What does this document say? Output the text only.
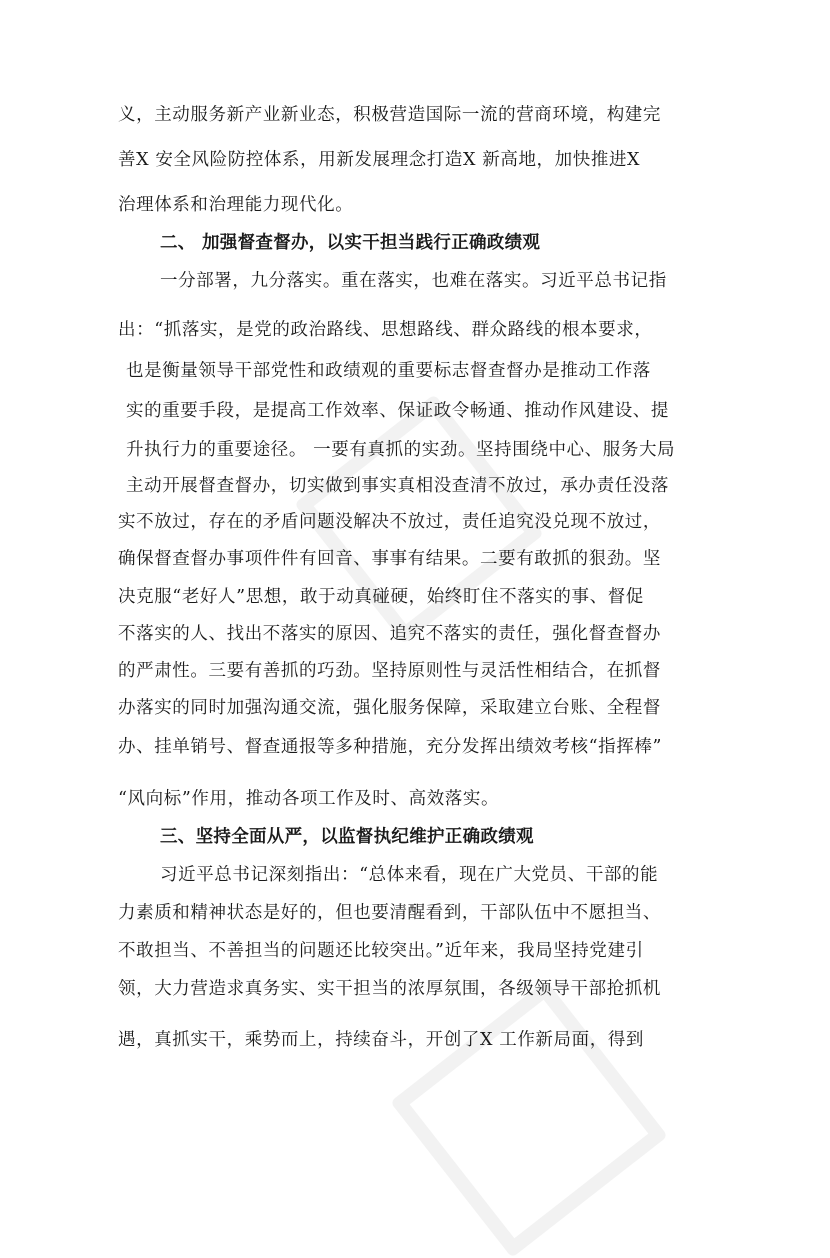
义，主动服务新产业新业态，积极营造国际一流的营商环境，构建完

善X 安全风险防控体系，用新发展理念打造X 新高地，加快推进X

治理体系和治理能力现代化。

二、 加强督查督办，以实干担当践行正确政绩观

一分部署，九分落实。重在落实，也难在落实。习近平总书记指

出：“抓落实，是党的政治路线、思想路线、群众路线的根本要求，

也是衡量领导干部党性和政绩观的重要标志督查督办是推动工作落

实的重要手段，是提高工作效率、保证政令畅通、推动作风建设、提

升执行力的重要途径。 一要有真抓的实劲。坚持围绕中心、服务大局

主动开展督查督办，切实做到事实真相没查清不放过，承办责任没落

实不放过，存在的矛盾问题没解决不放过，责任追究没兑现不放过，

确保督查督办事项件件有回音、事事有结果。二要有敢抓的狠劲。坚

决克服“老好人”思想，敢于动真碰硬，始终盯住不落实的事、督促

不落实的人、找出不落实的原因、追究不落实的责任，强化督查督办

的严肃性。三要有善抓的巧劲。坚持原则性与灵活性相结合，在抓督

办落实的同时加强沟通交流，强化服务保障，采取建立台账、全程督

办、挂单销号、督查通报等多种措施，充分发挥出绩效考核“指挥棒”

“风向标”作用，推动各项工作及时、高效落实。

三、坚持全面从严，以监督执纪维护正确政绩观

习近平总书记深刻指出：“总体来看，现在广大党员、干部的能

力素质和精神状态是好的，但也要清醒看到，干部队伍中不愿担当、

不敢担当、不善担当的问题还比较突出。”近年来，我局坚持党建引

领，大力营造求真务实、实干担当的浓厚氛围，各级领导干部抢抓机

遇，真抓实干，乘势而上，持续奋斗，开创了X 工作新局面，得到
